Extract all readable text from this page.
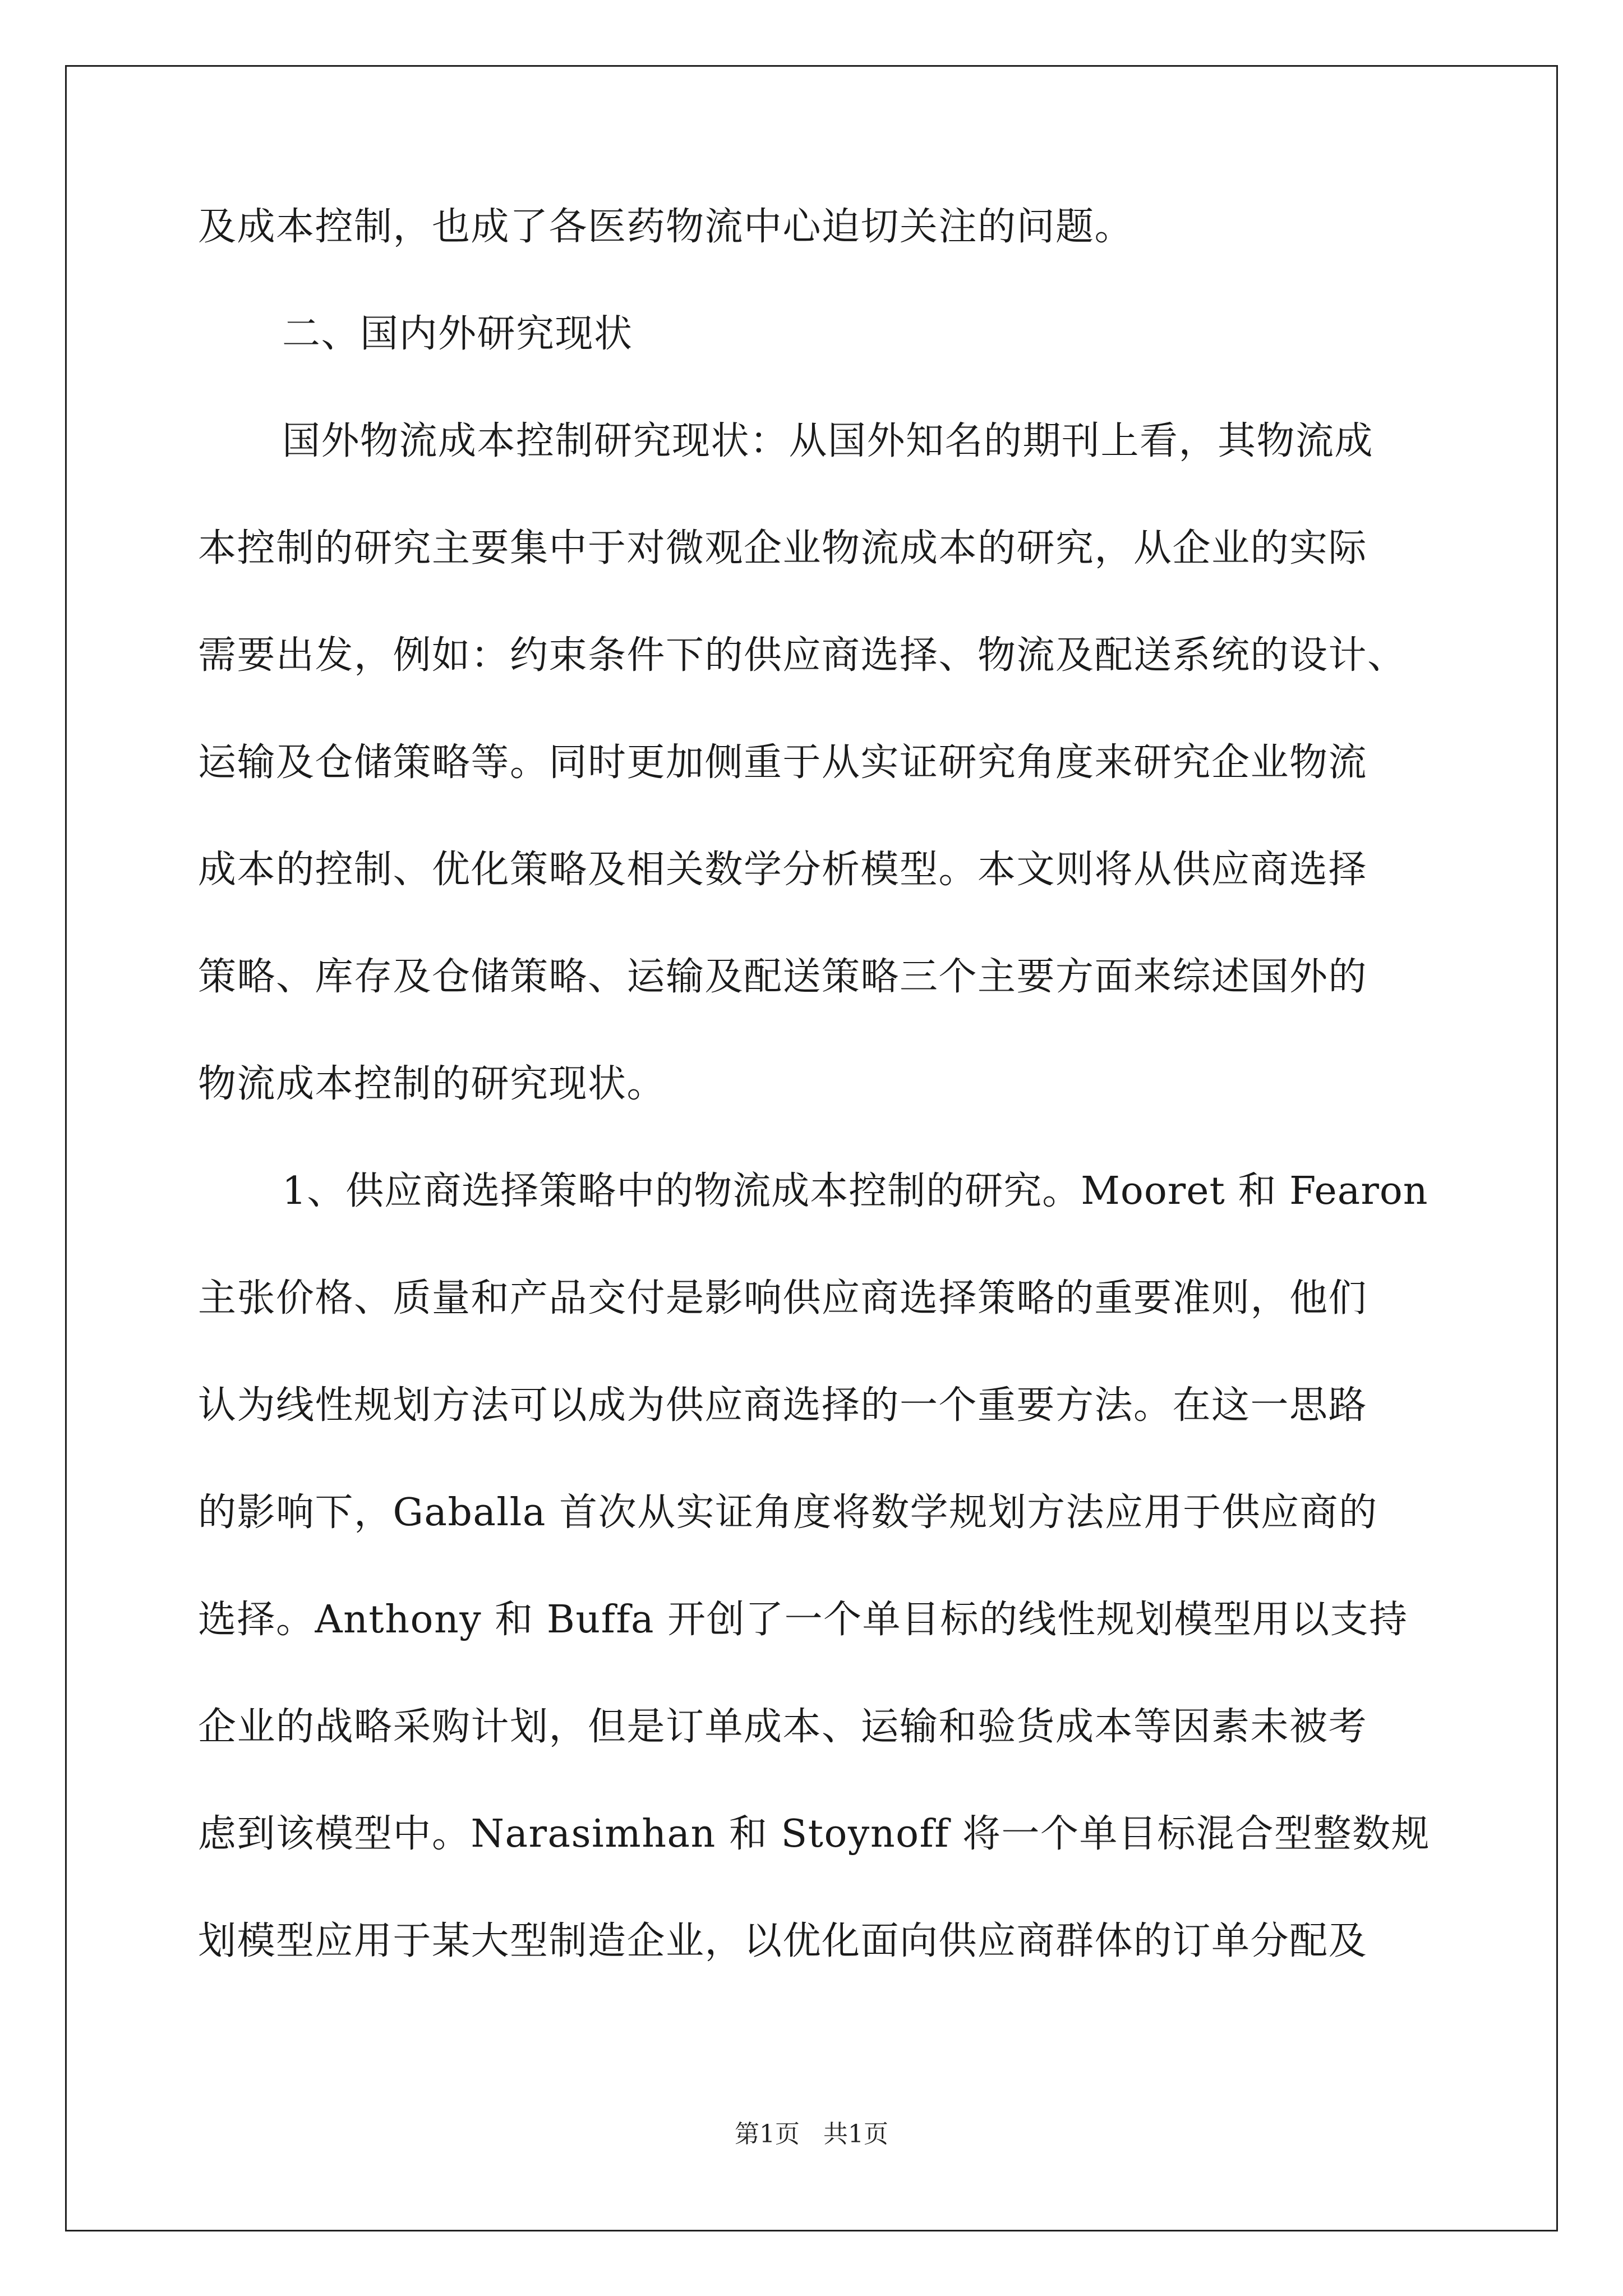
及成本控制，也成了各医药物流中心迫切关注的问题。
二、国内外研究现状
国外物流成本控制研究现状：从国外知名的期刊上看，其物流成
本控制的研究主要集中于对微观企业物流成本的研究，从企业的实际
需要出发，例如：约束条件下的供应商选择、物流及配送系统的设计、
运输及仓储策略等。同时更加侧重于从实证研究角度来研究企业物流
成本的控制、优化策略及相关数学分析模型。本文则将从供应商选择
策略、库存及仓储策略、运输及配送策略三个主要方面来综述国外的
物流成本控制的研究现状。
1、供应商选择策略中的物流成本控制的研究。Mooret 和 Fearon
主张价格、质量和产品交付是影响供应商选择策略的重要准则，他们
认为线性规划方法可以成为供应商选择的一个重要方法。在这一思路
的影响下，Gaballa 首次从实证角度将数学规划方法应用于供应商的
选择。Anthony 和 Buffa 开创了一个单目标的线性规划模型用以支持
企业的战略采购计划，但是订单成本、运输和验货成本等因素未被考
虑到该模型中。Narasimhan 和 Stoynoff 将一个单目标混合型整数规
划模型应用于某大型制造企业，以优化面向供应商群体的订单分配及
第1页   共1页
